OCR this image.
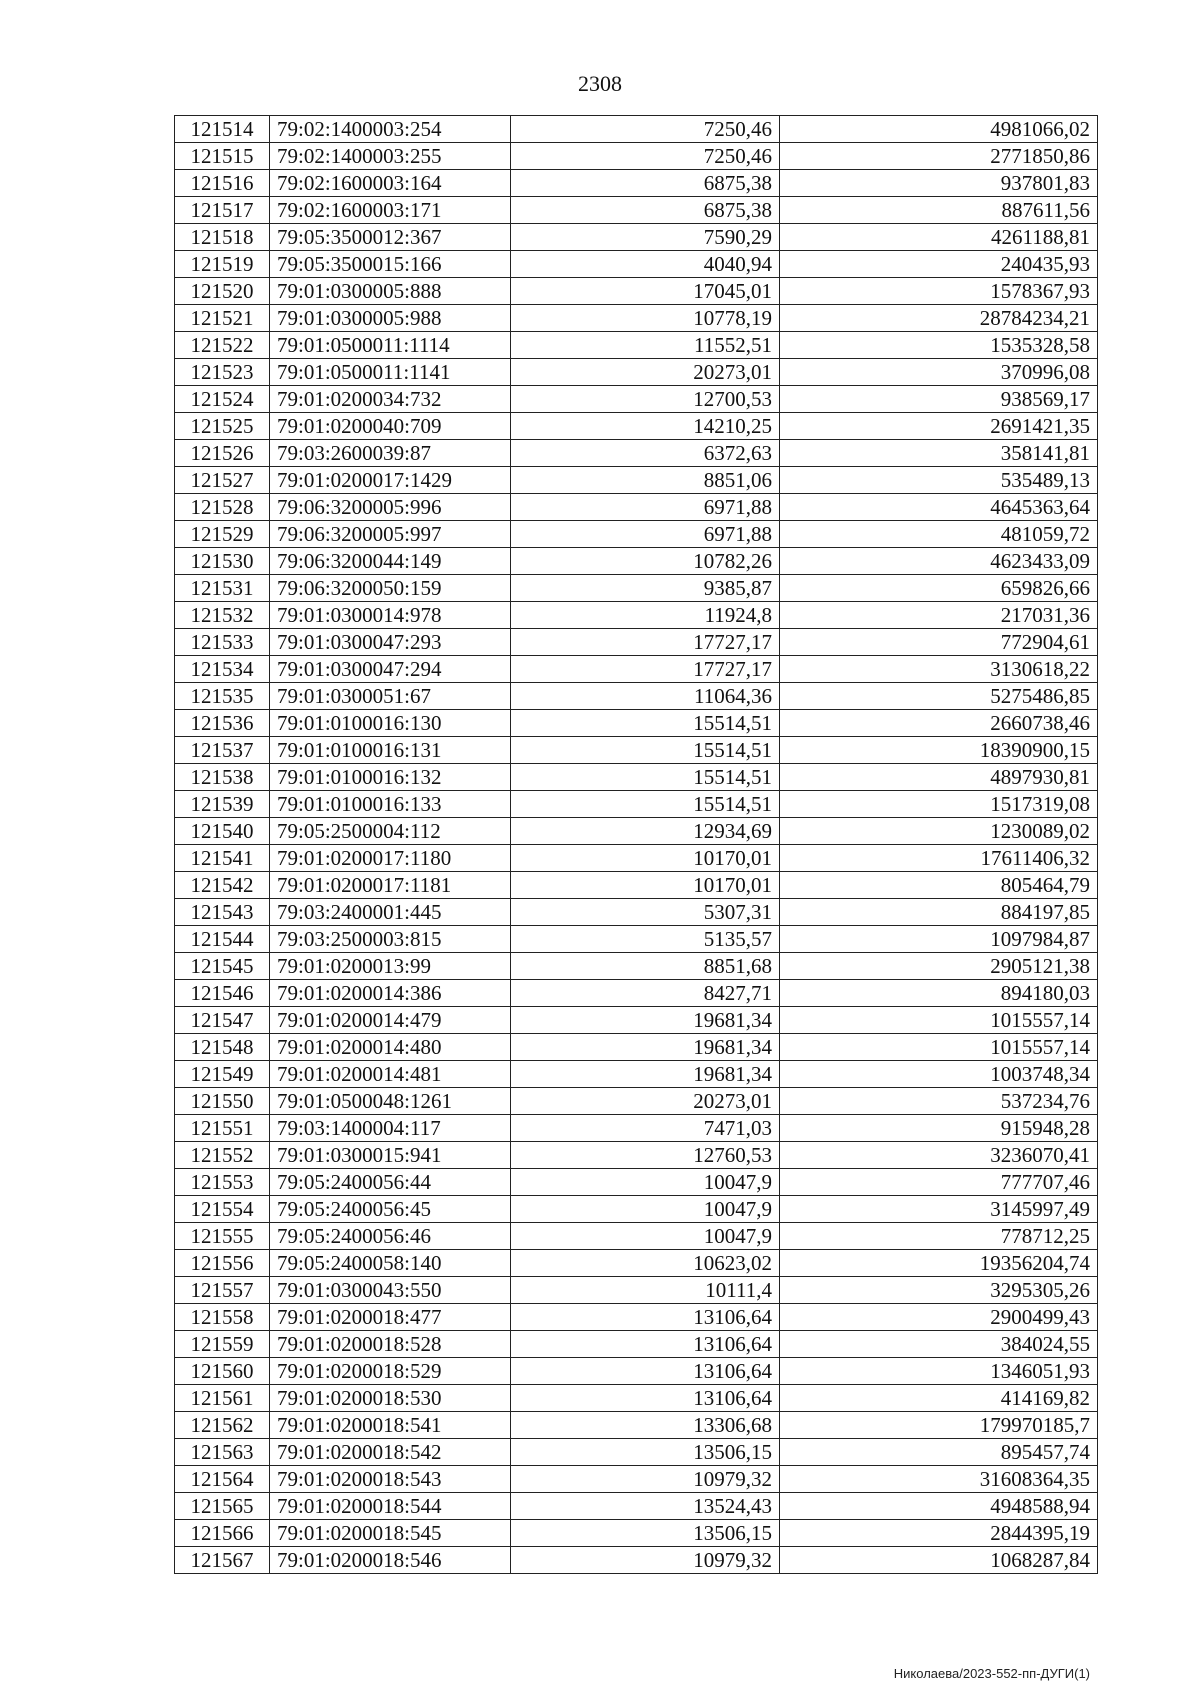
2308
121514	79:02:1400003:254	7250,46	4981066,02
121515	79:02:1400003:255	7250,46	2771850,86
121516	79:02:1600003:164	6875,38	937801,83
121517	79:02:1600003:171	6875,38	887611,56
121518	79:05:3500012:367	7590,29	4261188,81
121519	79:05:3500015:166	4040,94	240435,93
121520	79:01:0300005:888	17045,01	1578367,93
121521	79:01:0300005:988	10778,19	28784234,21
121522	79:01:0500011:1114	11552,51	1535328,58
121523	79:01:0500011:1141	20273,01	370996,08
121524	79:01:0200034:732	12700,53	938569,17
121525	79:01:0200040:709	14210,25	2691421,35
121526	79:03:2600039:87	6372,63	358141,81
121527	79:01:0200017:1429	8851,06	535489,13
121528	79:06:3200005:996	6971,88	4645363,64
121529	79:06:3200005:997	6971,88	481059,72
121530	79:06:3200044:149	10782,26	4623433,09
121531	79:06:3200050:159	9385,87	659826,66
121532	79:01:0300014:978	11924,8	217031,36
121533	79:01:0300047:293	17727,17	772904,61
121534	79:01:0300047:294	17727,17	3130618,22
121535	79:01:0300051:67	11064,36	5275486,85
121536	79:01:0100016:130	15514,51	2660738,46
121537	79:01:0100016:131	15514,51	18390900,15
121538	79:01:0100016:132	15514,51	4897930,81
121539	79:01:0100016:133	15514,51	1517319,08
121540	79:05:2500004:112	12934,69	1230089,02
121541	79:01:0200017:1180	10170,01	17611406,32
121542	79:01:0200017:1181	10170,01	805464,79
121543	79:03:2400001:445	5307,31	884197,85
121544	79:03:2500003:815	5135,57	1097984,87
121545	79:01:0200013:99	8851,68	2905121,38
121546	79:01:0200014:386	8427,71	894180,03
121547	79:01:0200014:479	19681,34	1015557,14
121548	79:01:0200014:480	19681,34	1015557,14
121549	79:01:0200014:481	19681,34	1003748,34
121550	79:01:0500048:1261	20273,01	537234,76
121551	79:03:1400004:117	7471,03	915948,28
121552	79:01:0300015:941	12760,53	3236070,41
121553	79:05:2400056:44	10047,9	777707,46
121554	79:05:2400056:45	10047,9	3145997,49
121555	79:05:2400056:46	10047,9	778712,25
121556	79:05:2400058:140	10623,02	19356204,74
121557	79:01:0300043:550	10111,4	3295305,26
121558	79:01:0200018:477	13106,64	2900499,43
121559	79:01:0200018:528	13106,64	384024,55
121560	79:01:0200018:529	13106,64	1346051,93
121561	79:01:0200018:530	13106,64	414169,82
121562	79:01:0200018:541	13306,68	179970185,7
121563	79:01:0200018:542	13506,15	895457,74
121564	79:01:0200018:543	10979,32	31608364,35
121565	79:01:0200018:544	13524,43	4948588,94
121566	79:01:0200018:545	13506,15	2844395,19
121567	79:01:0200018:546	10979,32	1068287,84
Николаева/2023-552-пп-ДУГИ(1)
